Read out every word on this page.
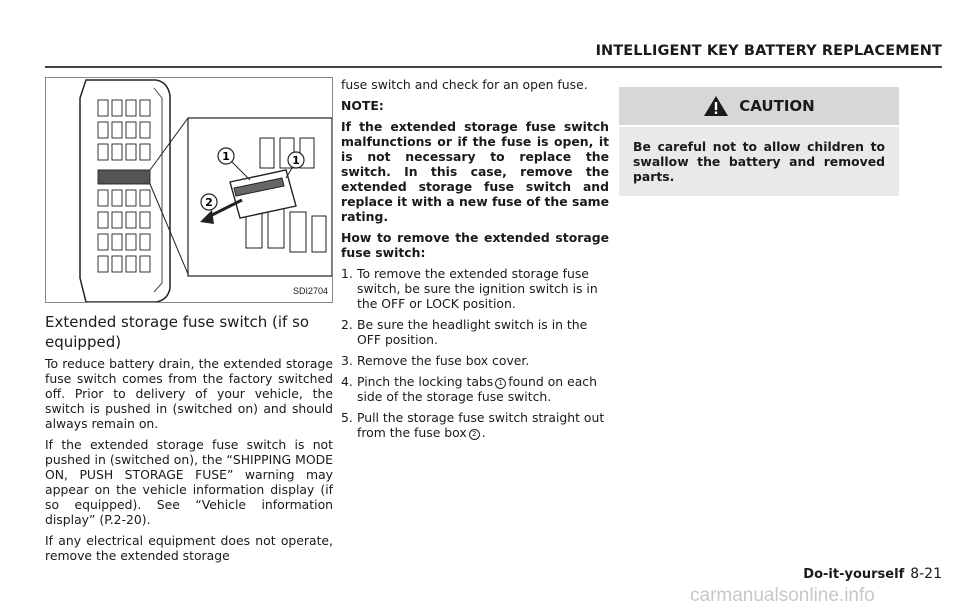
INTELLIGENT KEY BATTERY REPLACEMENT
1	1
2
SDI2704
Extended storage fuse switch (if so equipped)

To reduce battery drain, the extended storage fuse switch comes from the factory switched off. Prior to delivery of your vehicle, the switch is pushed in (switched on) and should always remain on.

If the extended storage fuse switch is not pushed in (switched on), the “SHIPPING MODE ON, PUSH STORAGE FUSE” warning may appear on the vehicle information display (if so equipped). See “Vehicle information display” (P.2-20).

If any electrical equipment does not operate, remove the extended storage

fuse switch and check for an open fuse.

NOTE:

If the extended storage fuse switch malfunctions or if the fuse is open, it is not necessary to replace the switch. In this case, remove the extended storage fuse switch and replace it with a new fuse of the same rating.

How to remove the extended storage fuse switch:

1. To remove the extended storage fuse switch, be sure the ignition switch is in the OFF or LOCK position.
2. Be sure the headlight switch is in the OFF position.
3. Remove the fuse box cover.
4. Pinch the locking tabs 1 found on each side of the storage fuse switch.
5. Pull the storage fuse switch straight out from the fuse box 2 .
CAUTION
Be careful not to allow children to swallow the battery and removed parts.
Do-it-yourself 8-21
carmanualsonline.info
